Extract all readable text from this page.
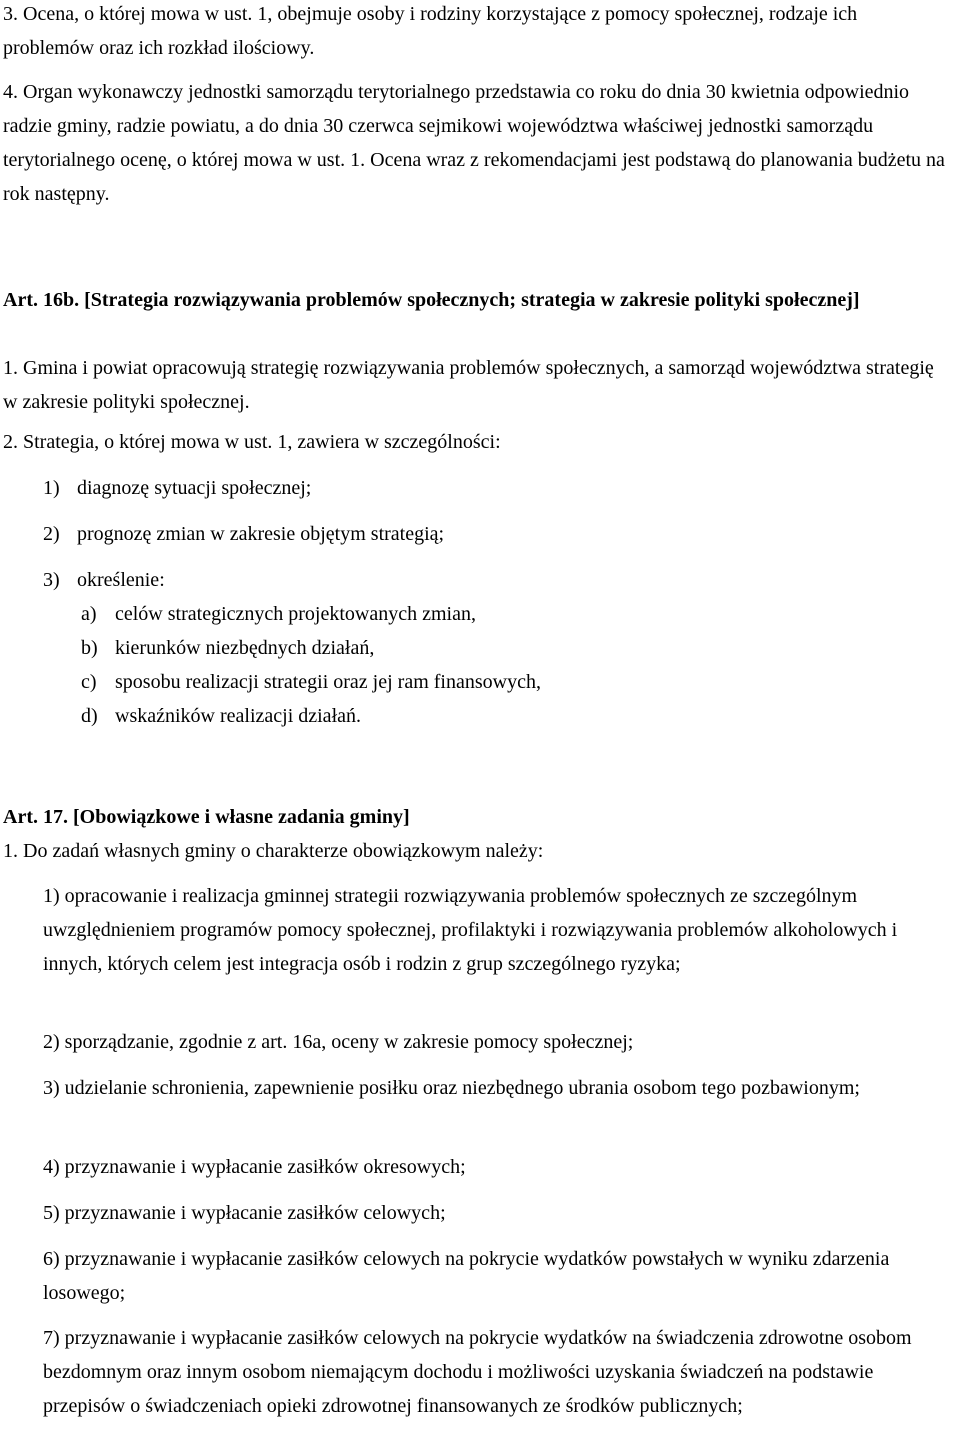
3. Ocena, o której mowa w ust. 1, obejmuje osoby i rodziny korzystające z pomocy społecznej, rodzaje ich problemów oraz ich rozkład ilościowy.

4. Organ wykonawczy jednostki samorządu terytorialnego przedstawia co roku do dnia 30 kwietnia odpowiednio radzie gminy, radzie powiatu, a do dnia 30 czerwca sejmikowi województwa właściwej jednostki samorządu terytorialnego ocenę, o której mowa w ust. 1. Ocena wraz z rekomendacjami jest podstawą do planowania budżetu na rok następny.

Art. 16b. [Strategia rozwiązywania problemów społecznych; strategia w zakresie polityki społecznej]

1. Gmina i powiat opracowują strategię rozwiązywania problemów społecznych, a samorząd województwa strategię w zakresie polityki społecznej.

2. Strategia, o której mowa w ust. 1, zawiera w szczególności:

1) diagnozę sytuacji społecznej;

2) prognozę zmian w zakresie objętym strategią;

3) określenie:

a) celów strategicznych projektowanych zmian,

b) kierunków niezbędnych działań,

c) sposobu realizacji strategii oraz jej ram finansowych,

d) wskaźników realizacji działań.

Art. 17. [Obowiązkowe i własne zadania gminy]

1. Do zadań własnych gminy o charakterze obowiązkowym należy:

1) opracowanie i realizacja gminnej strategii rozwiązywania problemów społecznych ze szczególnym uwzględnieniem programów pomocy społecznej, profilaktyki i rozwiązywania problemów alkoholowych i innych, których celem jest integracja osób i rodzin z grup szczególnego ryzyka;

2) sporządzanie, zgodnie z art. 16a, oceny w zakresie pomocy społecznej;

3) udzielanie schronienia, zapewnienie posiłku oraz niezbędnego ubrania osobom tego pozbawionym;

4) przyznawanie i wypłacanie zasiłków okresowych;

5) przyznawanie i wypłacanie zasiłków celowych;

6) przyznawanie i wypłacanie zasiłków celowych na pokrycie wydatków powstałych w wyniku zdarzenia losowego;

7) przyznawanie i wypłacanie zasiłków celowych na pokrycie wydatków na świadczenia zdrowotne osobom bezdomnym oraz innym osobom niemającym dochodu i możliwości uzyskania świadczeń na podstawie przepisów o świadczeniach opieki zdrowotnej finansowanych ze środków publicznych;
